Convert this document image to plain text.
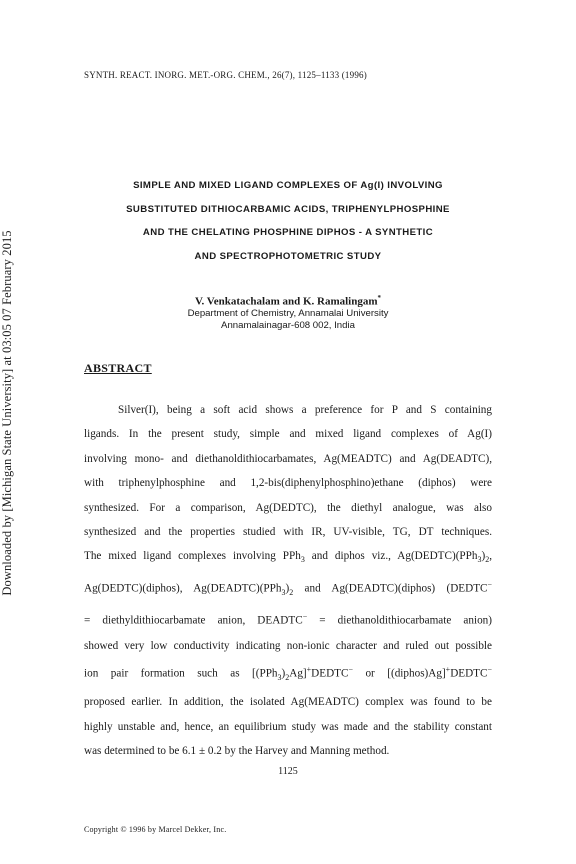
Downloaded by [Michigan State University] at 03:05 07 February 2015
SYNTH. REACT. INORG. MET.-ORG. CHEM., 26(7), 1125–1133 (1996)
SIMPLE AND MIXED LIGAND COMPLEXES OF Ag(I) INVOLVING
SUBSTITUTED DITHIOCARBAMIC ACIDS, TRIPHENYLPHOSPHINE
AND THE CHELATING PHOSPHINE DIPHOS - A SYNTHETIC
AND SPECTROPHOTOMETRIC STUDY
V. Venkatachalam and K. Ramalingam*
Department of Chemistry, Annamalai University
Annamalainagar-608 002, India
ABSTRACT
Silver(I), being a soft acid shows a preference for P and S containing
ligands. In the present study, simple and mixed ligand complexes of Ag(I)
involving mono- and diethanoldithiocarbamates, Ag(MEADTC) and Ag(DEADTC),
with triphenylphosphine and 1,2-bis(diphenylphosphino)ethane (diphos) were
synthesized. For a comparison, Ag(DEDTC), the diethyl analogue, was also
synthesized and the properties studied with IR, UV-visible, TG, DT techniques.
The mixed ligand complexes involving PPh$_3$ and diphos viz., $Ag(DEDTC)(PPh_3)_2$,
Ag(DEDTC)(diphos), $Ag(DEADTC)(PPh_3)_2$ and Ag(DEADTC)(diphos) (DEDTC−
= diethyldithiocarbamate anion, DEADTC− = diethanoldithiocarbamate anion)
showed very low conductivity indicating non-ionic character and ruled out possible
ion pair formation such as $[(PPh_3)_2Ag]^+DEDTC^-$ or [(diphos)Ag]+DEDTC−
proposed earlier. In addition, the isolated Ag(MEADTC) complex was found to be
highly unstable and, hence, an equilibrium study was made and the stability constant
was determined to be 6.1 ± 0.2 by the Harvey and Manning method.
1125
Copyright © 1996 by Marcel Dekker, Inc.
